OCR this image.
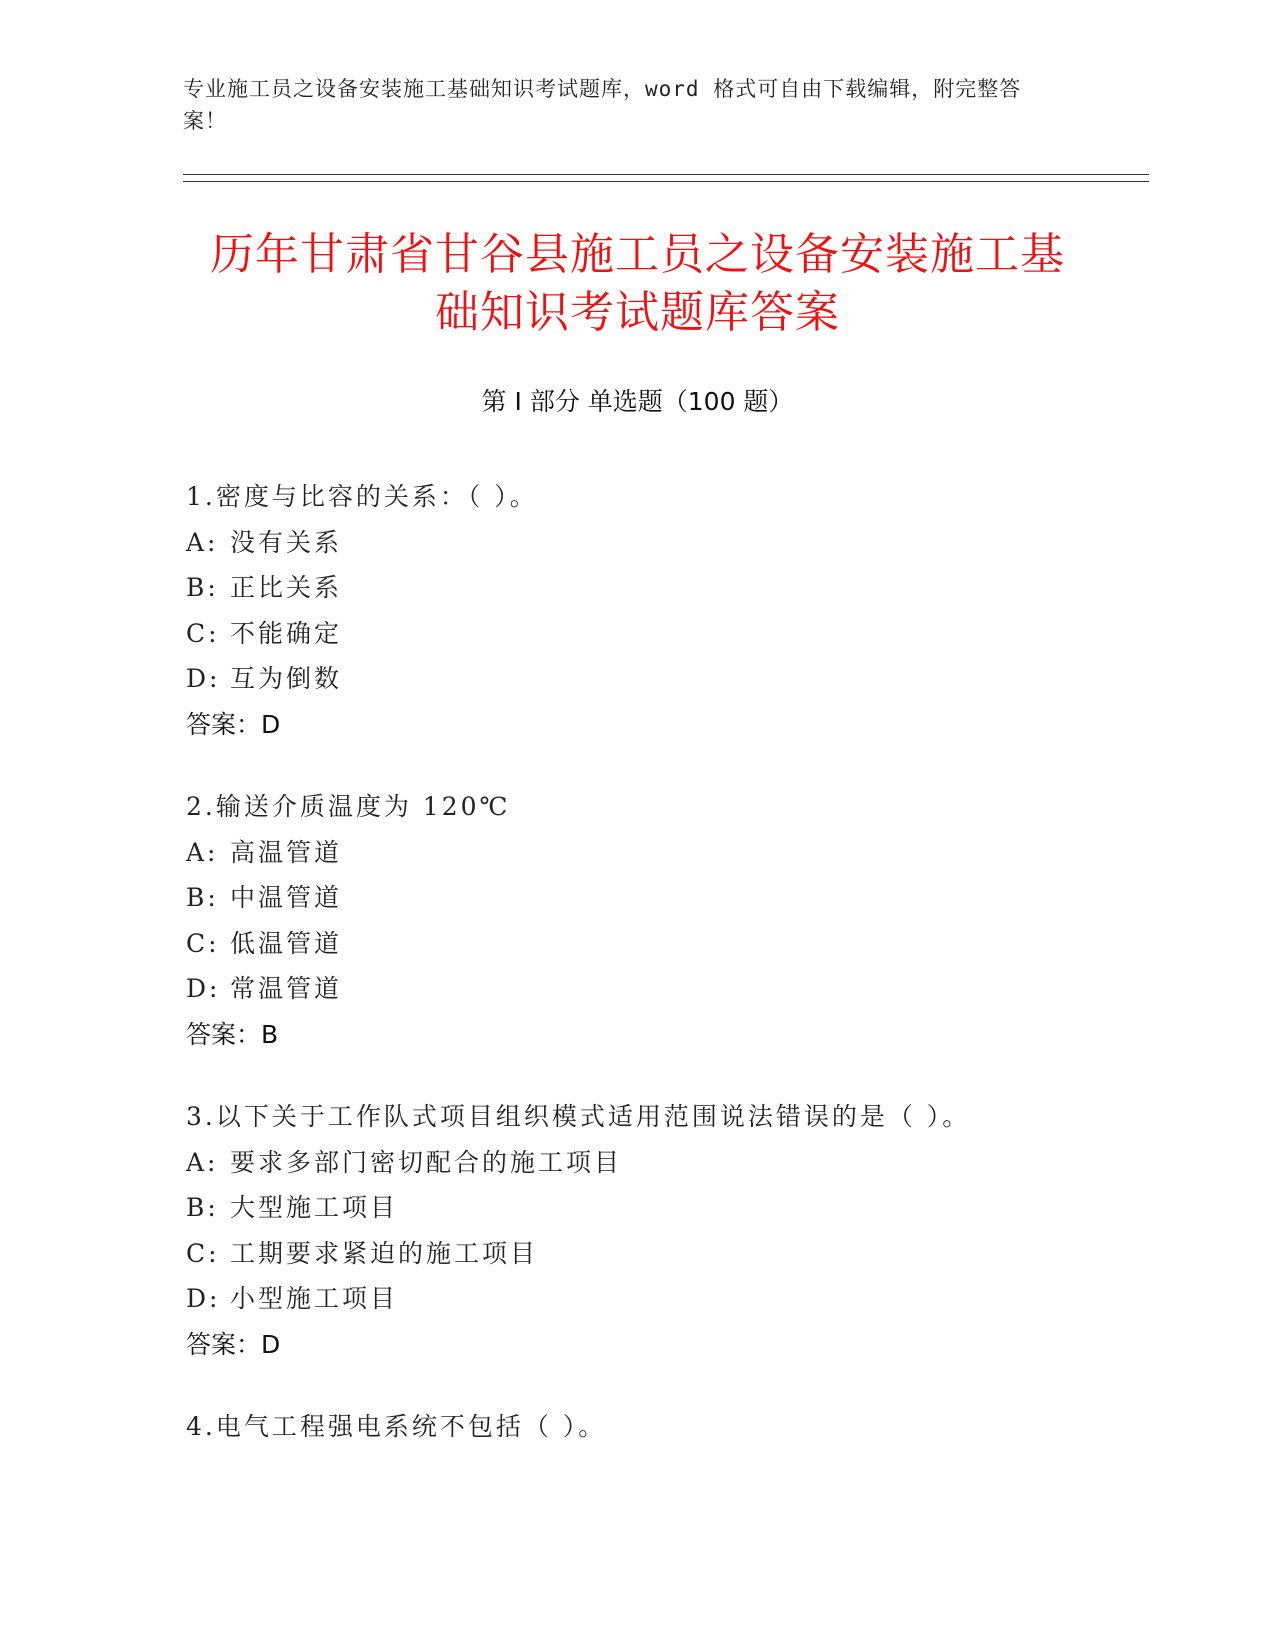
专业施工员之设备安装施工基础知识考试题库，word 格式可自由下载编辑，附完整答案！
历年甘肃省甘谷县施工员之设备安装施工基
础知识考试题库答案
第 I 部分 单选题（100 题）
1.密度与比容的关系：（ ）。
A: 没有关系
B: 正比关系
C: 不能确定
D: 互为倒数
答案：D
2.输送介质温度为 120℃
A: 高温管道
B: 中温管道
C: 低温管道
D: 常温管道
答案：B
3.以下关于工作队式项目组织模式适用范围说法错误的是（ ）。
A: 要求多部门密切配合的施工项目
B: 大型施工项目
C: 工期要求紧迫的施工项目
D: 小型施工项目
答案：D
4.电气工程强电系统不包括（ ）。
